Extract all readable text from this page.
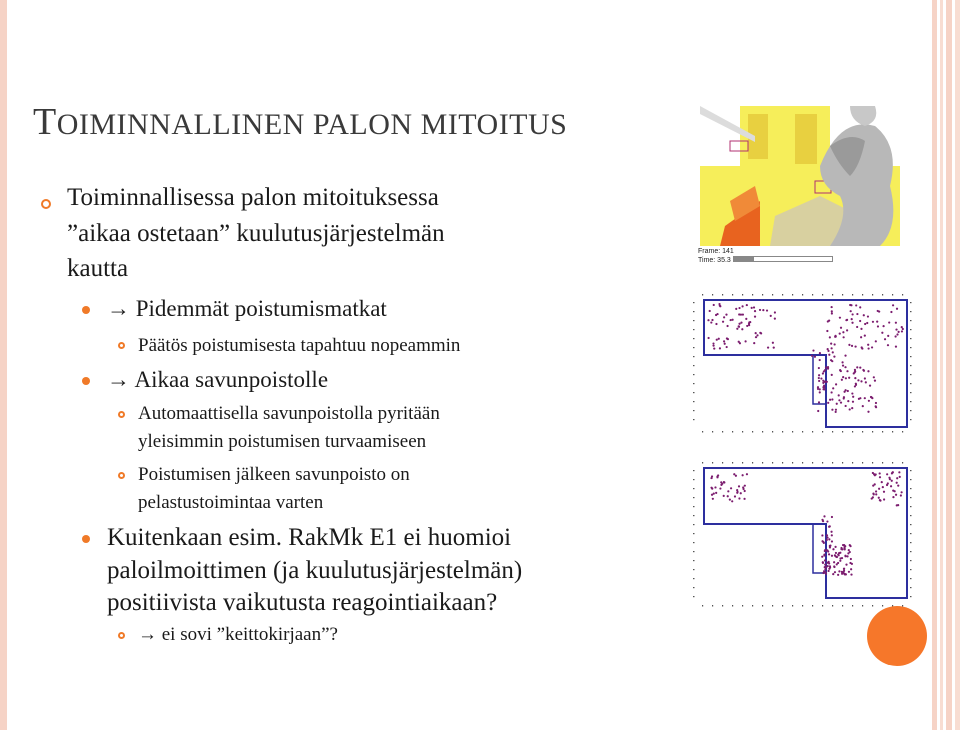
TOIMINNALLINEN PALON MITOITUS
Toiminnallisessa palon mitoituksessa
”aikaa ostetaan” kuulutusjärjestelmän
kautta
→ Pidemmät poistumismatkat
Päätös poistumisesta tapahtuu nopeammin
→ Aikaa savunpoistolle
Automaattisella savunpoistolla pyritään
yleisimmin poistumisen turvaamiseen
Poistumisen jälkeen savunpoisto on
pelastustoimintaa varten
Kuitenkaan esim. RakMk E1 ei huomioi
paloilmoittimen (ja kuulutusjärjestelmän)
positiivista vaikutusta reagointiaikaan?
→ ei sovi ”keittokirjaan”?
Frame: 141
Time: 35.3
